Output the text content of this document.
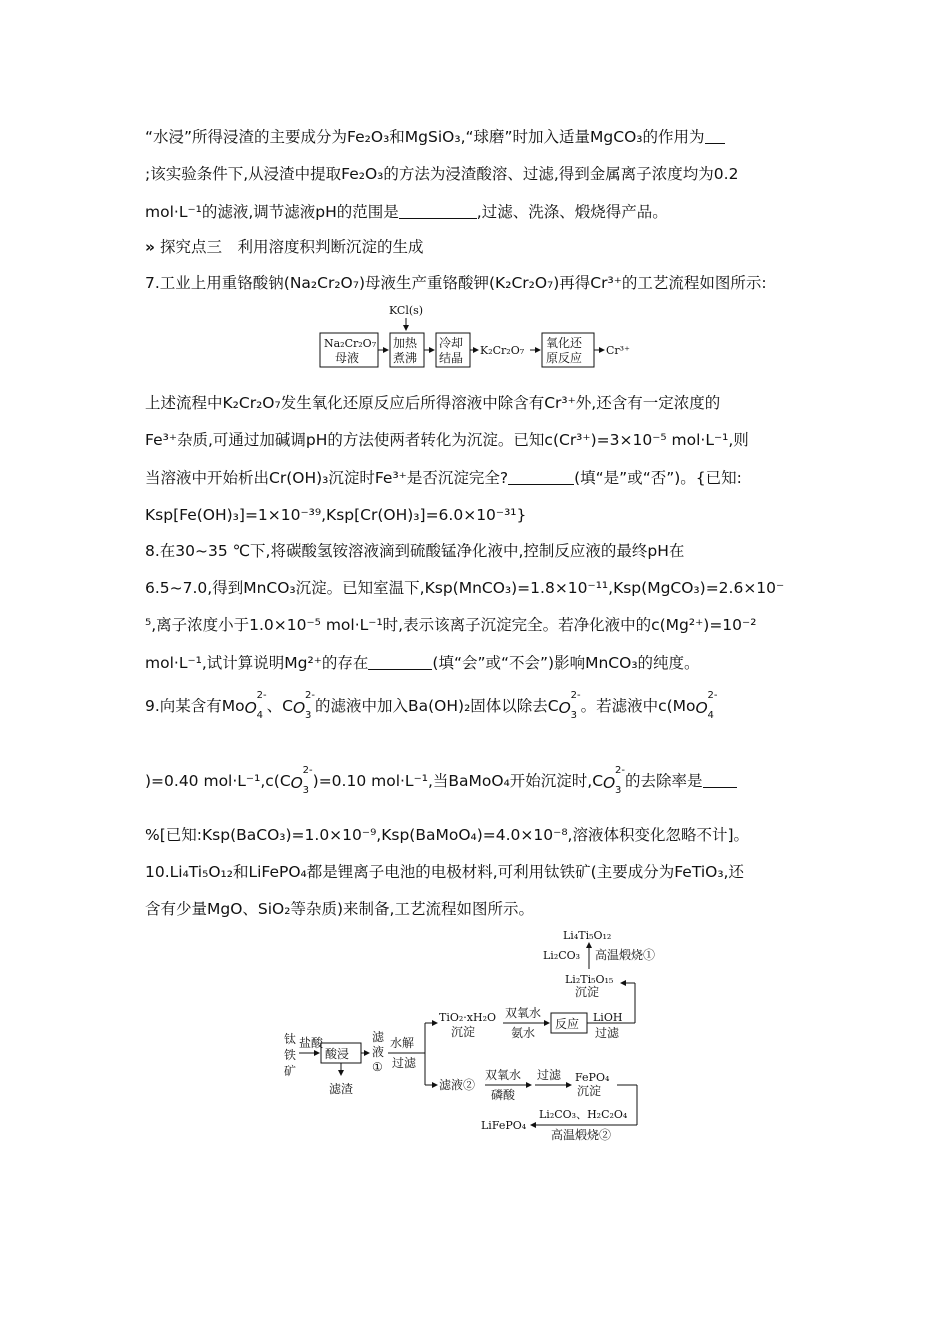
“水浸”所得浸渣的主要成分为Fe₂O₃和MgSiO₃,“球磨”时加入适量MgCO₃的作用为
;该实验条件下,从浸渣中提取Fe₂O₃的方法为浸渣酸溶、过滤,得到金属离子浓度均为0.2
mol·L⁻¹的滤液,调节滤液pH的范围是	,过滤、洗涤、煅烧得产品。
» 探究点三　利用溶度积判断沉淀的生成
7.工业上用重铬酸钠(Na₂Cr₂O₇)母液生产重铬酸钾(K₂Cr₂O₇)再得Cr³⁺的工艺流程如图所示:
KCl(s)
Na₂Cr₂O₇
母液
加热
煮沸
冷却
结晶
K₂Cr₂O₇
氧化还
原反应
Cr³⁺
上述流程中K₂Cr₂O₇发生氧化还原反应后所得溶液中除含有Cr³⁺外,还含有一定浓度的
Fe³⁺杂质,可通过加碱调pH的方法使两者转化为沉淀。已知c(Cr³⁺)=3×10⁻⁵ mol·L⁻¹,则
当溶液中开始析出Cr(OH)₃沉淀时Fe³⁺是否沉淀完全?	(填“是”或“否”)。{已知:
Ksp[Fe(OH)₃]=1×10⁻³⁹,Ksp[Cr(OH)₃]=6.0×10⁻³¹}
8.在30~35 ℃下,将碳酸氢铵溶液滴到硫酸锰净化液中,控制反应液的最终pH在
6.5~7.0,得到MnCO₃沉淀。已知室温下,Ksp(MnCO₃)=1.8×10⁻¹¹,Ksp(MgCO₃)=2.6×10⁻
⁵,离子浓度小于1.0×10⁻⁵ mol·L⁻¹时,表示该离子沉淀完全。若净化液中的c(Mg²⁺)=10⁻²
mol·L⁻¹,试计算说明Mg²⁺的存在	(填“会”或“不会”)影响MnCO₃的纯度。
9.向某含有Mo O 4
2-
、C O 3
2-
的滤液中加入Ba(OH)₂固体以除去C O 3
2-
。若滤液中c(Mo O 4
2-
)=0.40 mol·L⁻¹,c(C O 3
2-
)=0.10 mol·L⁻¹,当BaMoO₄开始沉淀时,C O 3
2-
的去除率是
%[已知:Ksp(BaCO₃)=1.0×10⁻⁹,Ksp(BaMoO₄)=4.0×10⁻⁸,溶液体积变化忽略不计]。
10.Li₄Ti₅O₁₂和LiFePO₄都是锂离子电池的电极材料,可利用钛铁矿(主要成分为FeTiO₃,还
含有少量MgO、SiO₂等杂质)来制备,工艺流程如图所示。
钛
铁
矿
盐酸
酸浸
滤渣
滤
液
①
水解
过滤
TiO₂·xH₂O
沉淀
双氧水
氨水
反应 LiOH
过滤
Li₂Ti₅O₁₅
沉淀
Li₂CO₃ 高温煅烧①
Li₄Ti₅O₁₂
滤液②
双氧水
磷酸
过滤 FePO₄
沉淀
Li₂CO₃、H₂C₂O₄
高温煅烧②
LiFePO₄
